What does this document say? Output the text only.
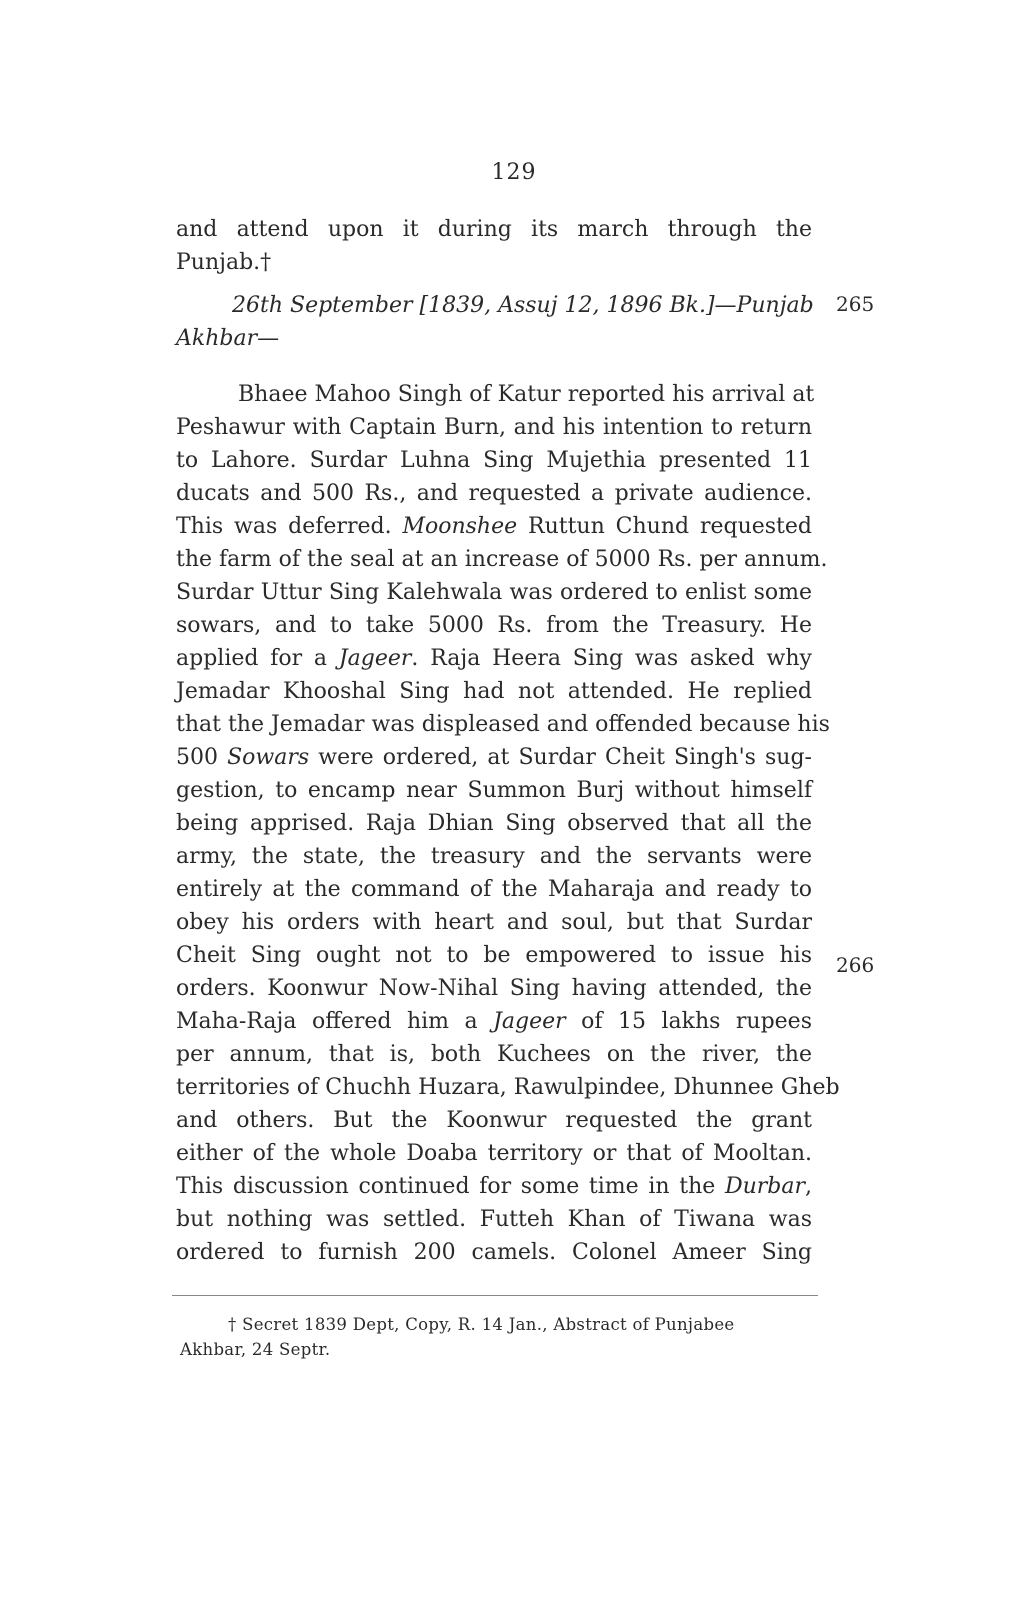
129
and attend upon it during its march through the
Punjab.†
26th September [1839, Assuj 12, 1896 Bk.]—Punjab
Akhbar—
265
Bhaee Mahoo Singh of Katur reported his arrival at
Peshawur with Captain Burn, and his intention to return
to Lahore. Surdar Luhna Sing Mujethia presented 11
ducats and 500 Rs., and requested a private audience.
This was deferred. Moonshee Ruttun Chund requested
the farm of the seal at an increase of 5000 Rs. per annum.
Surdar Uttur Sing Kalehwala was ordered to enlist some
sowars, and to take 5000 Rs. from the Treasury. He
applied for a Jageer. Raja Heera Sing was asked why
Jemadar Khooshal Sing had not attended. He replied
that the Jemadar was displeased and offended because his
500 Sowars were ordered, at Surdar Cheit Singh's sug-
gestion, to encamp near Summon Burj without himself
being apprised. Raja Dhian Sing observed that all the
army, the state, the treasury and the servants were
entirely at the command of the Maharaja and ready to
obey his orders with heart and soul, but that Surdar
Cheit Sing ought not to be empowered to issue his
orders. Koonwur Now-Nihal Sing having attended, the
Maha-Raja offered him a Jageer of 15 lakhs rupees
per annum, that is, both Kuchees on the river, the
territories of Chuchh Huzara, Rawulpindee, Dhunnee Gheb
and others. But the Koonwur requested the grant
either of the whole Doaba territory or that of Mooltan.
This discussion continued for some time in the Durbar,
but nothing was settled. Futteh Khan of Tiwana was
ordered to furnish 200 camels. Colonel Ameer Sing
266
† Secret 1839 Dept, Copy, R. 14 Jan., Abstract of Punjabee
Akhbar, 24 Septr.
